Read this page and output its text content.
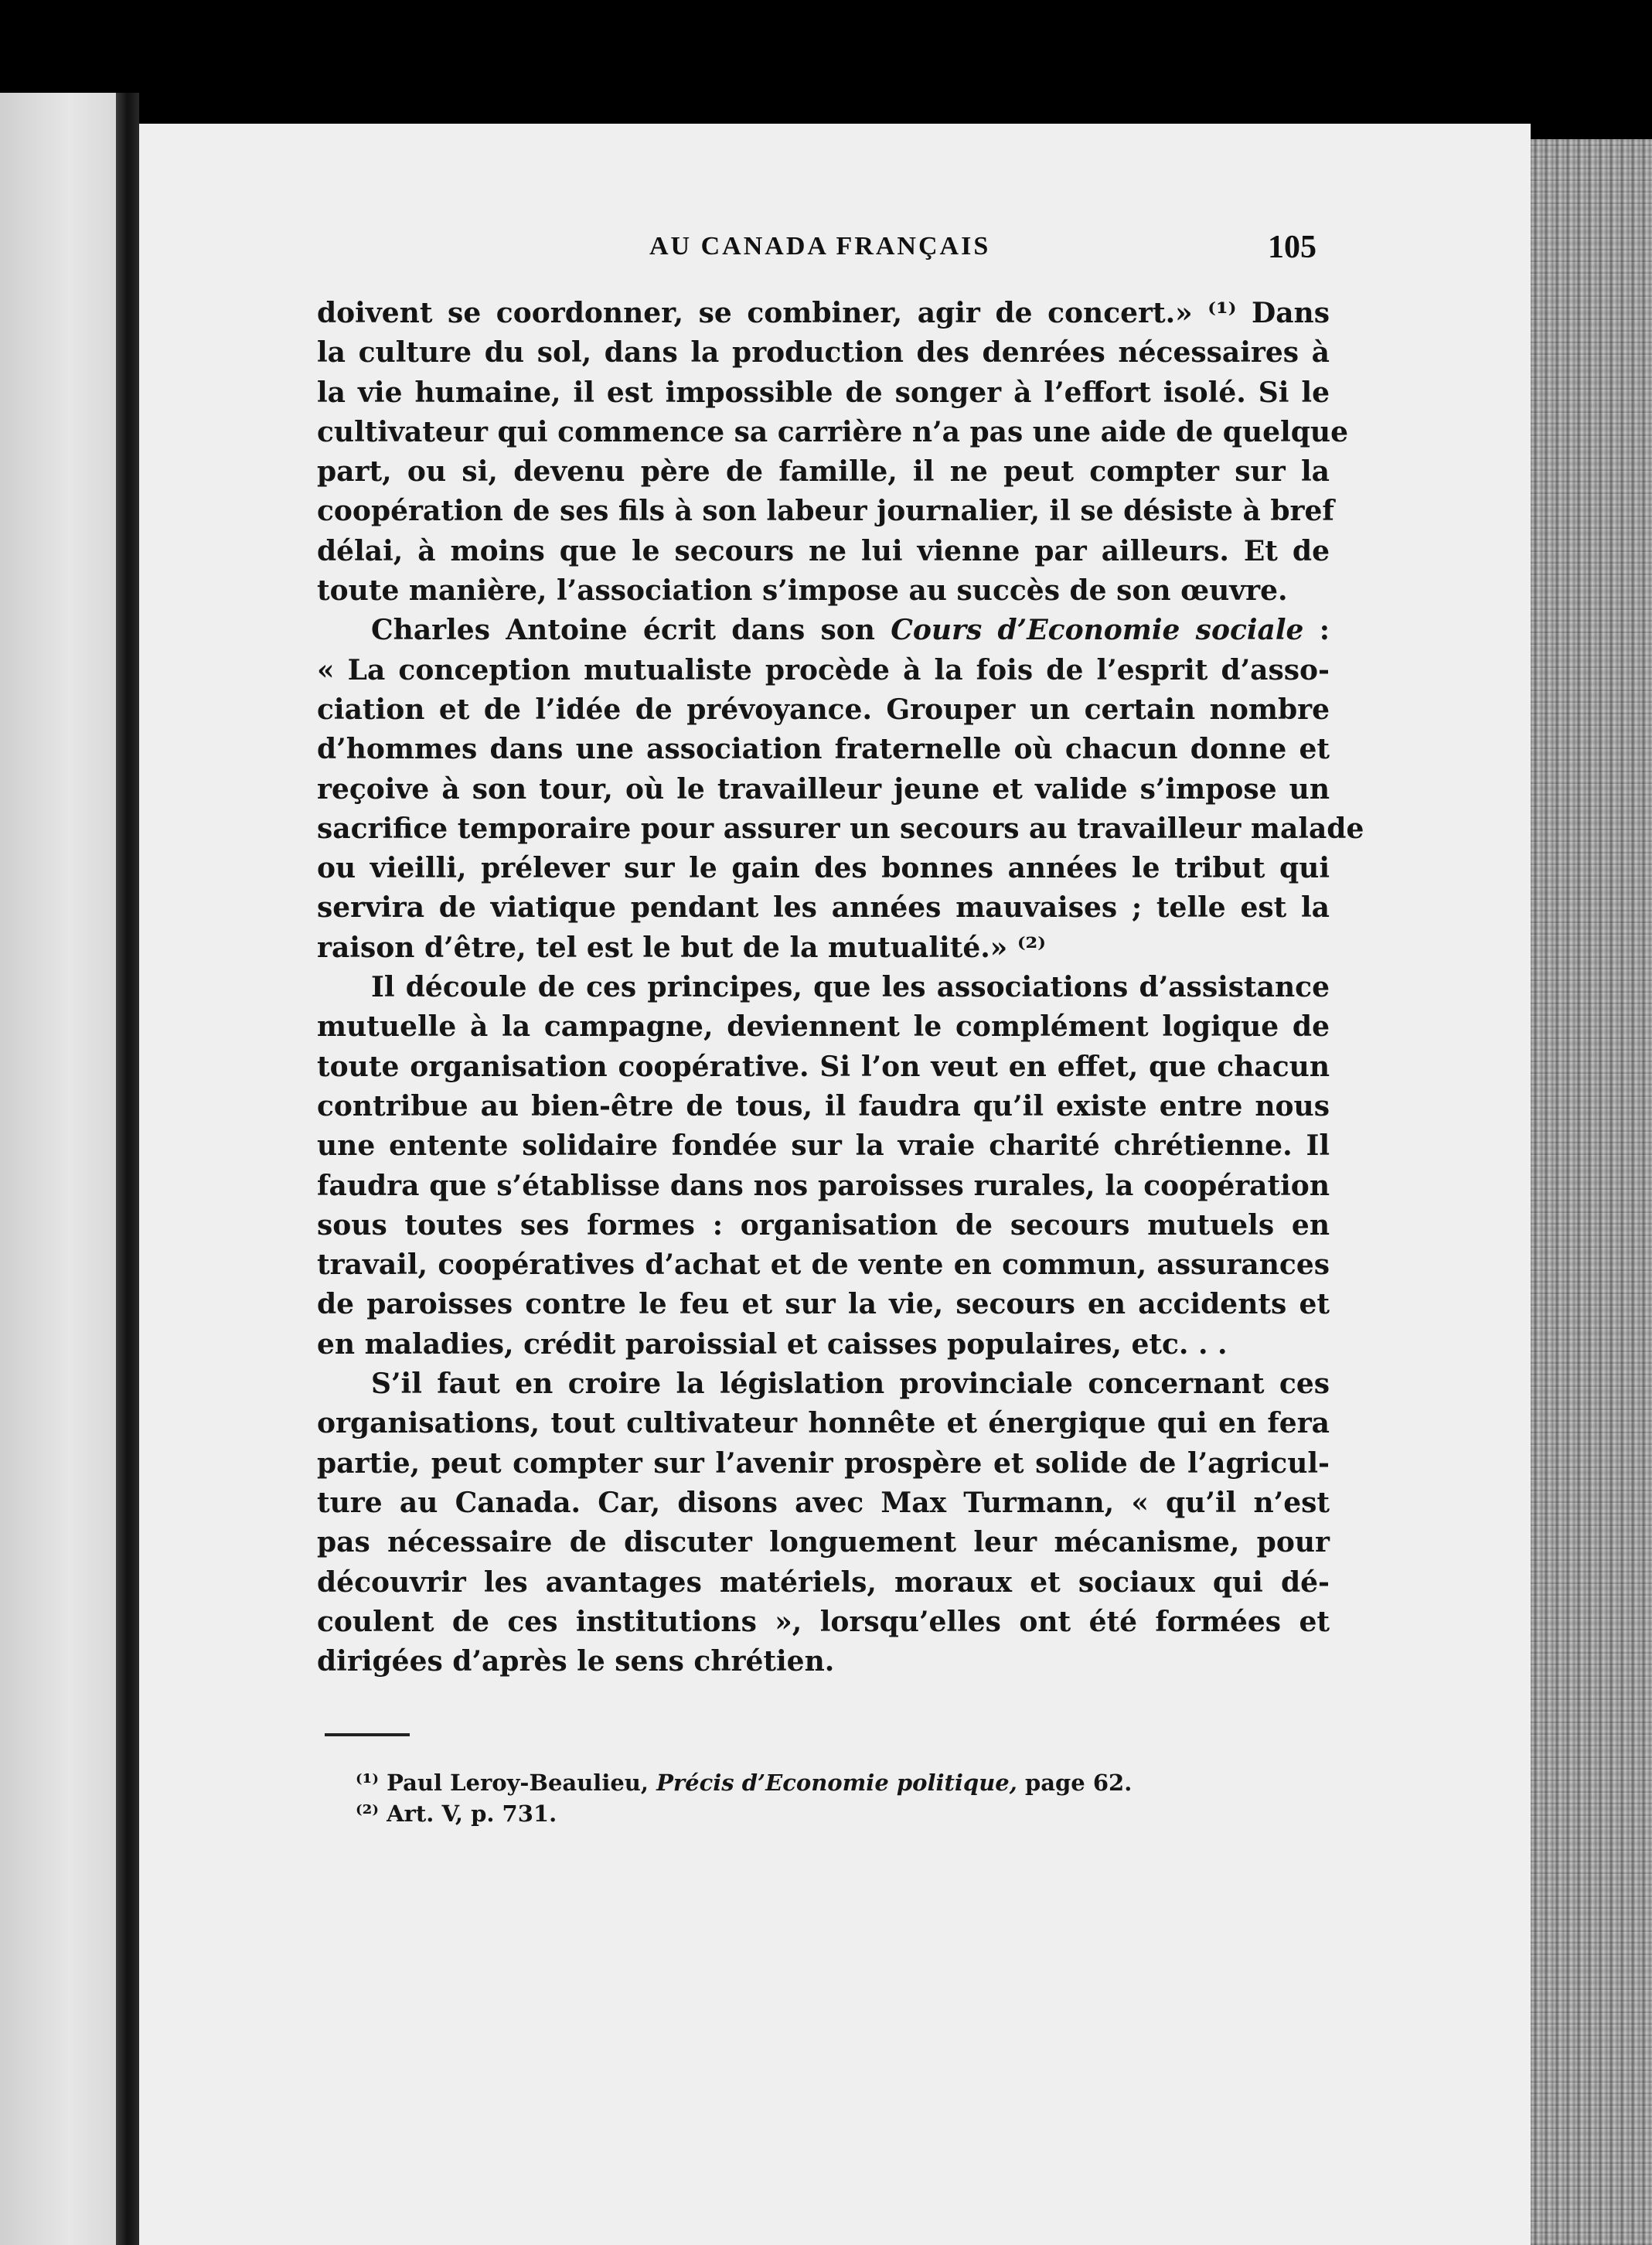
AU CANADA FRANÇAIS	105
doivent se coordonner, se combiner, agir de concert.» ⁽¹⁾ Dans
la culture du sol, dans la production des denrées nécessaires à
la vie humaine, il est impossible de songer à l’effort isolé. Si le
cultivateur qui commence sa carrière n’a pas une aide de quelque
part, ou si, devenu père de famille, il ne peut compter sur la
coopération de ses fils à son labeur journalier, il se désiste à bref
délai, à moins que le secours ne lui vienne par ailleurs. Et de
toute manière, l’association s’impose au succès de son œuvre.
Charles Antoine écrit dans son Cours d’Economie sociale :
« La conception mutualiste procède à la fois de l’esprit d’asso-
ciation et de l’idée de prévoyance. Grouper un certain nombre
d’hommes dans une association fraternelle où chacun donne et
reçoive à son tour, où le travailleur jeune et valide s’impose un
sacrifice temporaire pour assurer un secours au travailleur malade
ou vieilli, prélever sur le gain des bonnes années le tribut qui
servira de viatique pendant les années mauvaises ; telle est la
raison d’être, tel est le but de la mutualité.» ⁽²⁾
Il découle de ces principes, que les associations d’assistance
mutuelle à la campagne, deviennent le complément logique de
toute organisation coopérative. Si l’on veut en effet, que chacun
contribue au bien-être de tous, il faudra qu’il existe entre nous
une entente solidaire fondée sur la vraie charité chrétienne. Il
faudra que s’établisse dans nos paroisses rurales, la coopération
sous toutes ses formes : organisation de secours mutuels en
travail, coopératives d’achat et de vente en commun, assurances
de paroisses contre le feu et sur la vie, secours en accidents et
en maladies, crédit paroissial et caisses populaires, etc. . .
S’il faut en croire la législation provinciale concernant ces
organisations, tout cultivateur honnête et énergique qui en fera
partie, peut compter sur l’avenir prospère et solide de l’agricul-
ture au Canada. Car, disons avec Max Turmann, « qu’il n’est
pas nécessaire de discuter longuement leur mécanisme, pour
découvrir les avantages matériels, moraux et sociaux qui dé-
coulent de ces institutions », lorsqu’elles ont été formées et
dirigées d’après le sens chrétien.
⁽¹⁾ Paul Leroy-Beaulieu, Précis d’Economie politique, page 62.
⁽²⁾ Art. V, p. 731.
